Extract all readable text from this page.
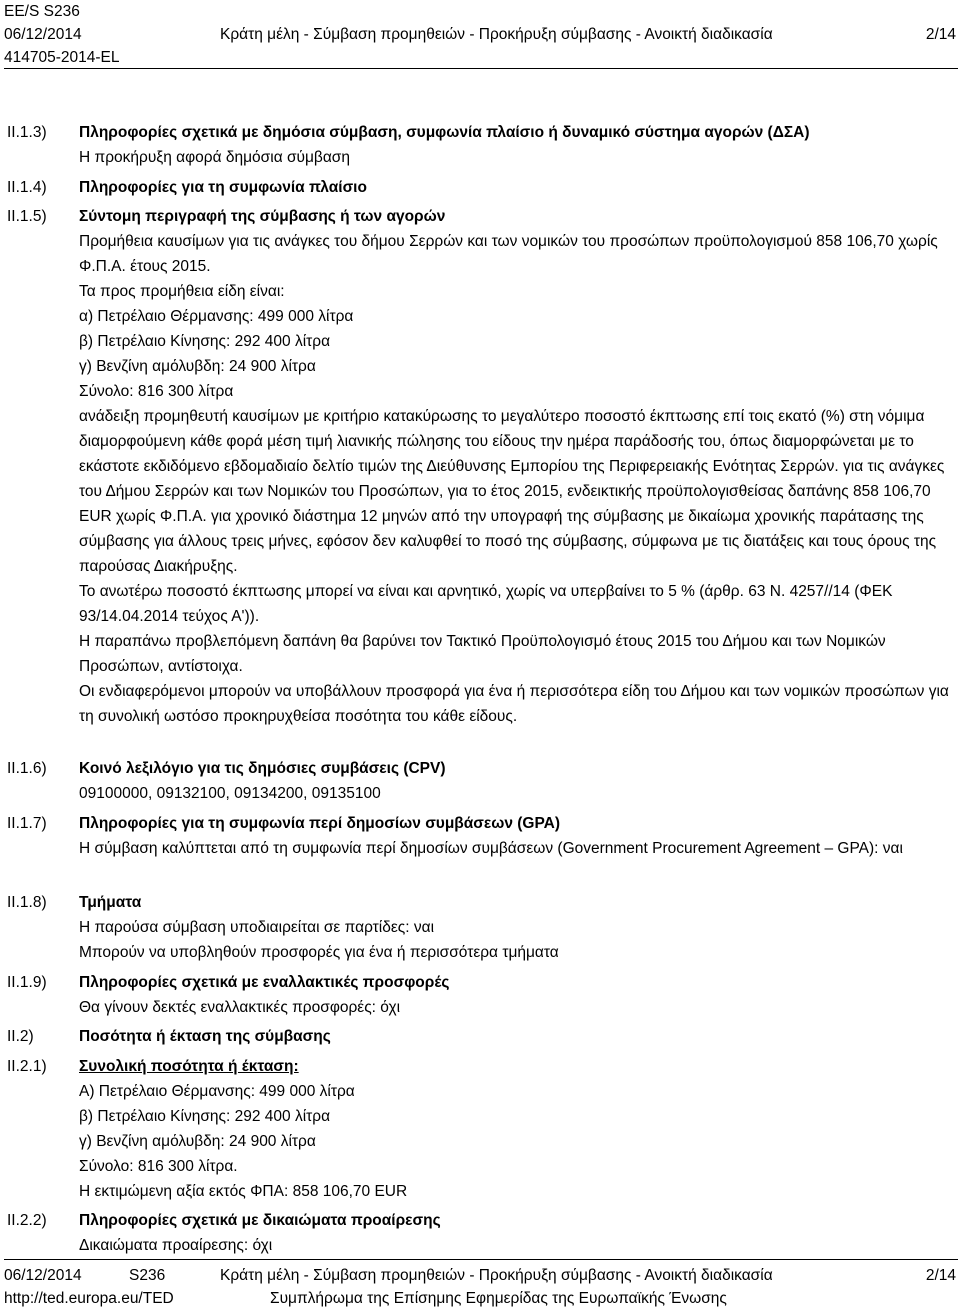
EE/S S236
06/12/2014	Κράτη μέλη - Σύμβαση προμηθειών - Προκήρυξη σύμβασης - Ανοικτή διαδικασία	2/14
414705-2014-EL
II.1.3) Πληροφορίες σχετικά με δημόσια σύμβαση, συμφωνία πλαίσιο ή δυναμικό σύστημα αγορών (ΔΣΑ)

Η προκήρυξη αφορά δημόσια σύμβαση

II.1.4) Πληροφορίες για τη συμφωνία πλαίσιο

II.1.5) Σύντομη περιγραφή της σύμβασης ή των αγορών

Προμήθεια καυσίμων για τις ανάγκες του δήμου Σερρών και των νομικών του προσώπων προϋπολογισμού 858 106,70 χωρίς Φ.Π.Α. έτους 2015.

Τα προς προμήθεια είδη είναι:

α) Πετρέλαιο Θέρμανσης: 499 000 λίτρα

β) Πετρέλαιο Κίνησης: 292 400 λίτρα

γ) Βενζίνη αμόλυβδη: 24 900 λίτρα

Σύνολο: 816 300 λίτρα

ανάδειξη προμηθευτή καυσίμων με κριτήριο κατακύρωσης το μεγαλύτερο ποσοστό έκπτωσης επί τοις εκατό (%) στη νόμιμα διαμορφούμενη κάθε φορά μέση τιμή λιανικής πώλησης του είδους την ημέρα παράδοσής του, όπως διαμορφώνεται με το εκάστοτε εκδιδόμενο εβδομαδιαίο δελτίο τιμών της Διεύθυνσης Εμπορίου της Περιφερειακής Ενότητας Σερρών. για τις ανάγκες του Δήμου Σερρών και των Νομικών του Προσώπων, για το έτος 2015, ενδεικτικής προϋπολογισθείσας δαπάνης 858 106,70 EUR χωρίς Φ.Π.Α. για χρονικό διάστημα 12 μηνών από την υπογραφή της σύμβασης με δικαίωμα χρονικής παράτασης της σύμβασης για άλλους τρεις μήνες, εφόσον δεν καλυφθεί το ποσό της σύμβασης, σύμφωνα με τις διατάξεις και τους όρους της παρούσας Διακήρυξης.

Το ανωτέρω ποσοστό έκπτωσης μπορεί να είναι και αρνητικό, χωρίς να υπερβαίνει το 5 % (άρθρ. 63 Ν. 4257//14 (ΦΕΚ 93/14.04.2014 τεύχος Α')).

Η παραπάνω προβλεπόμενη δαπάνη θα βαρύνει τον Τακτικό Προϋπολογισμό έτους 2015 του Δήμου και των Νομικών Προσώπων, αντίστοιχα.

Οι ενδιαφερόμενοι μπορούν να υποβάλλουν προσφορά για ένα ή περισσότερα είδη του Δήμου και των νομικών προσώπων για τη συνολική ωστόσο προκηρυχθείσα ποσότητα του κάθε είδους.

II.1.6) Κοινό λεξιλόγιο για τις δημόσιες συμβάσεις (CPV)

09100000, 09132100, 09134200, 09135100

II.1.7) Πληροφορίες για τη συμφωνία περί δημοσίων συμβάσεων (GPA)

Η σύμβαση καλύπτεται από τη συμφωνία περί δημοσίων συμβάσεων (Government Procurement Agreement – GPA): ναι

II.1.8) Τμήματα

Η παρούσα σύμβαση υποδιαιρείται σε παρτίδες: ναι

Μπορούν να υποβληθούν προσφορές για ένα ή περισσότερα τμήματα

II.1.9) Πληροφορίες σχετικά με εναλλακτικές προσφορές

Θα γίνουν δεκτές εναλλακτικές προσφορές: όχι

II.2)	Ποσότητα ή έκταση της σύμβασης

II.2.1) Συνολική ποσότητα ή έκταση:

Α) Πετρέλαιο Θέρμανσης: 499 000 λίτρα

β) Πετρέλαιο Κίνησης: 292 400 λίτρα

γ) Βενζίνη αμόλυβδη: 24 900 λίτρα

Σύνολο: 816 300 λίτρα.

Η εκτιμώμενη αξία εκτός ΦΠΑ: 858 106,70 EUR

II.2.2) Πληροφορίες σχετικά με δικαιώματα προαίρεσης

Δικαιώματα προαίρεσης: όχι

06/12/2014	S236	Κράτη μέλη - Σύμβαση προμηθειών - Προκήρυξη σύμβασης - Ανοικτή διαδικασία	2/14
http://ted.europa.eu/TED	Συμπλήρωμα της Επίσημης Εφημερίδας της Ευρωπαϊκής Ένωσης
